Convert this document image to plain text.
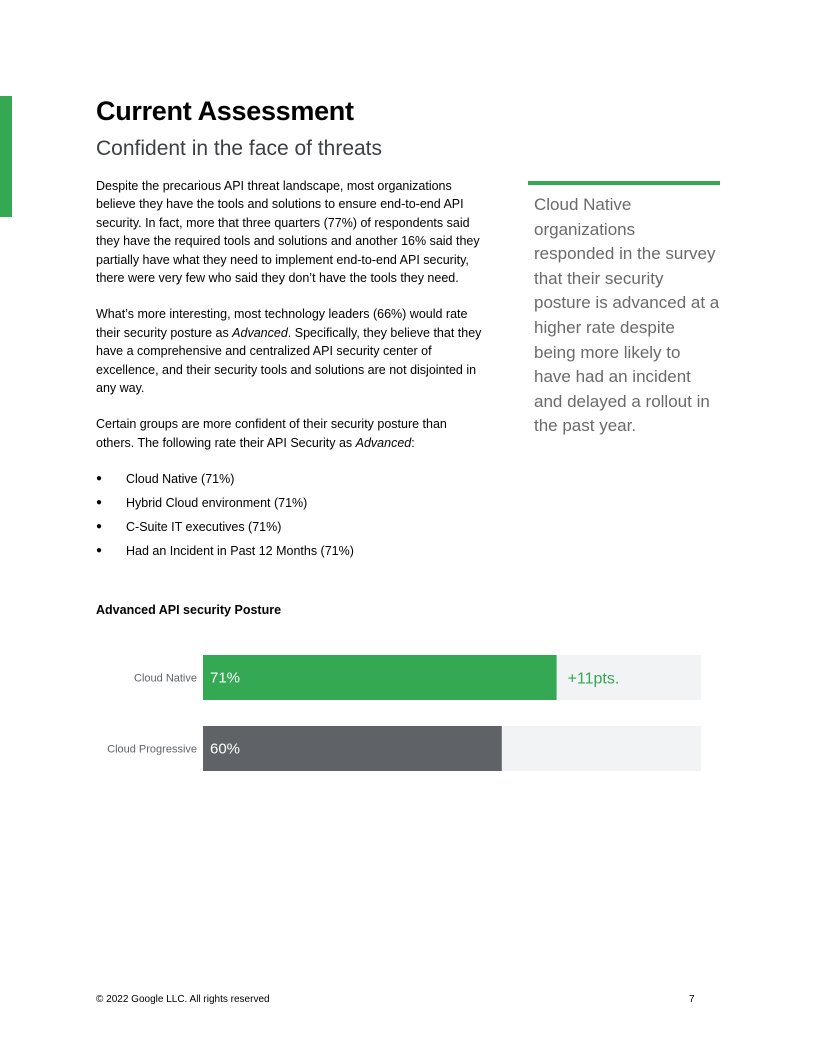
Current Assessment
Confident in the face of threats

Despite the precarious API threat landscape, most organizations believe they have the tools and solutions to ensure end-to-end API security. In fact, more that three quarters (77%) of respondents said they have the required tools and solutions and another 16% said they partially have what they need to implement end-to-end API security, there were very few who said they don’t have the tools they need.

What’s more interesting, most technology leaders (66%) would rate their security posture as Advanced. Specifically, they believe that they have a comprehensive and centralized API security center of excellence, and their security tools and solutions are not disjointed in any way.

Certain groups are more confident of their security posture than others. The following rate their API Security as Advanced:

● Cloud Native (71%)
● Hybrid Cloud environment (71%)
● C-Suite IT executives (71%)
● Had an Incident in Past 12 Months (71%)
Cloud Native organizations responded in the survey that their security posture is advanced at a higher rate despite being more likely to have had an incident and delayed a rollout in the past year.
Advanced API security Posture
Cloud Native 71%	+11pts.
Cloud Progressive 60%
© 2022 Google LLC. All rights reserved	7
